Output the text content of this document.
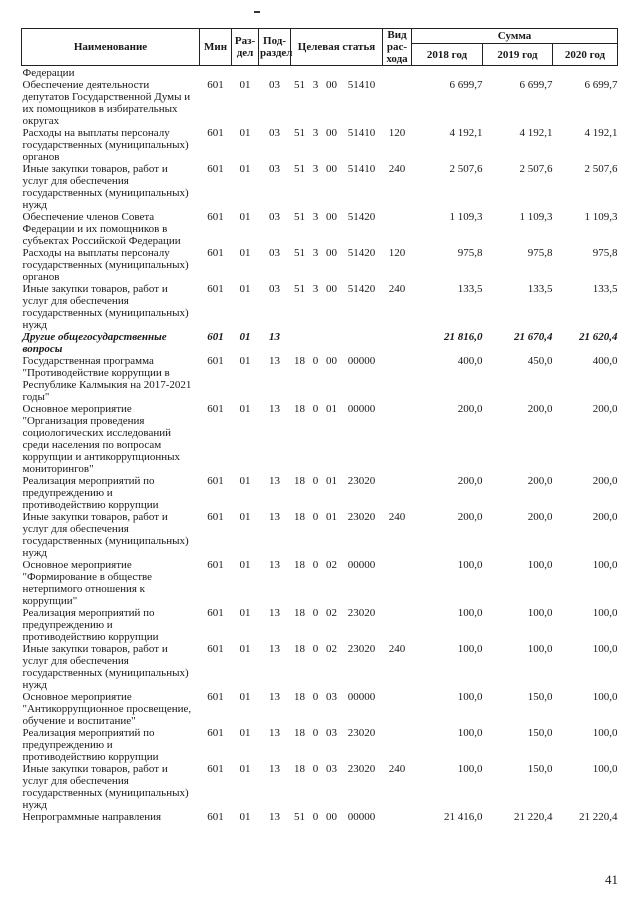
Наименование	Мин	Раз-дел	Под-раздел	Целевая статья				Вид рас-хода	Сумма		
									2018 год	2019 год	2020 год
Федерации											
Обеспечение деятельности депутатов Государственной Думы и их помощников в избирательных округах	601	01	03	51	3	00	51410		6 699,7	6 699,7	6 699,7
Расходы на выплаты персоналу государственных (муниципальных) органов	601	01	03	51	3	00	51410	120	4 192,1	4 192,1	4 192,1
Иные закупки товаров, работ и услуг для обеспечения государственных (муниципальных) нужд	601	01	03	51	3	00	51410	240	2 507,6	2 507,6	2 507,6
Обеспечение членов Совета Федерации и их помощников в субъектах Российской Федерации	601	01	03	51	3	00	51420		1 109,3	1 109,3	1 109,3
Расходы на выплаты персоналу государственных (муниципальных) органов	601	01	03	51	3	00	51420	120	975,8	975,8	975,8
Иные закупки товаров, работ и услуг для обеспечения государственных (муниципальных) нужд	601	01	03	51	3	00	51420	240	133,5	133,5	133,5
Другие общегосударственные вопросы	601	01	13						21 816,0	21 670,4	21 620,4
Государственная программа "Противодействие коррупции в Республике Калмыкия на 2017-2021 годы"	601	01	13	18	0	00	00000		400,0	450,0	400,0
Основное мероприятие "Организация проведения социологических исследований среди населения по вопросам коррупции и антикоррупционных мониторингов"	601	01	13	18	0	01	00000		200,0	200,0	200,0
Реализация мероприятий по предупреждению и противодействию коррупции	601	01	13	18	0	01	23020		200,0	200,0	200,0
Иные закупки товаров, работ и услуг для обеспечения государственных (муниципальных) нужд	601	01	13	18	0	01	23020	240	200,0	200,0	200,0
Основное мероприятие "Формирование в обществе нетерпимого отношения к коррупции"	601	01	13	18	0	02	00000		100,0	100,0	100,0
Реализация мероприятий по предупреждению и противодействию коррупции	601	01	13	18	0	02	23020		100,0	100,0	100,0
Иные закупки товаров, работ и услуг для обеспечения государственных (муниципальных) нужд	601	01	13	18	0	02	23020	240	100,0	100,0	100,0
Основное мероприятие "Антикоррупционное просвещение, обучение и воспитание"	601	01	13	18	0	03	00000		100,0	150,0	100,0
Реализация мероприятий по предупреждению и противодействию коррупции	601	01	13	18	0	03	23020		100,0	150,0	100,0
Иные закупки товаров, работ и услуг для обеспечения государственных (муниципальных) нужд	601	01	13	18	0	03	23020	240	100,0	150,0	100,0
Непрограммные направления	601	01	13	51	0	00	00000		21 416,0	21 220,4	21 220,4
41
